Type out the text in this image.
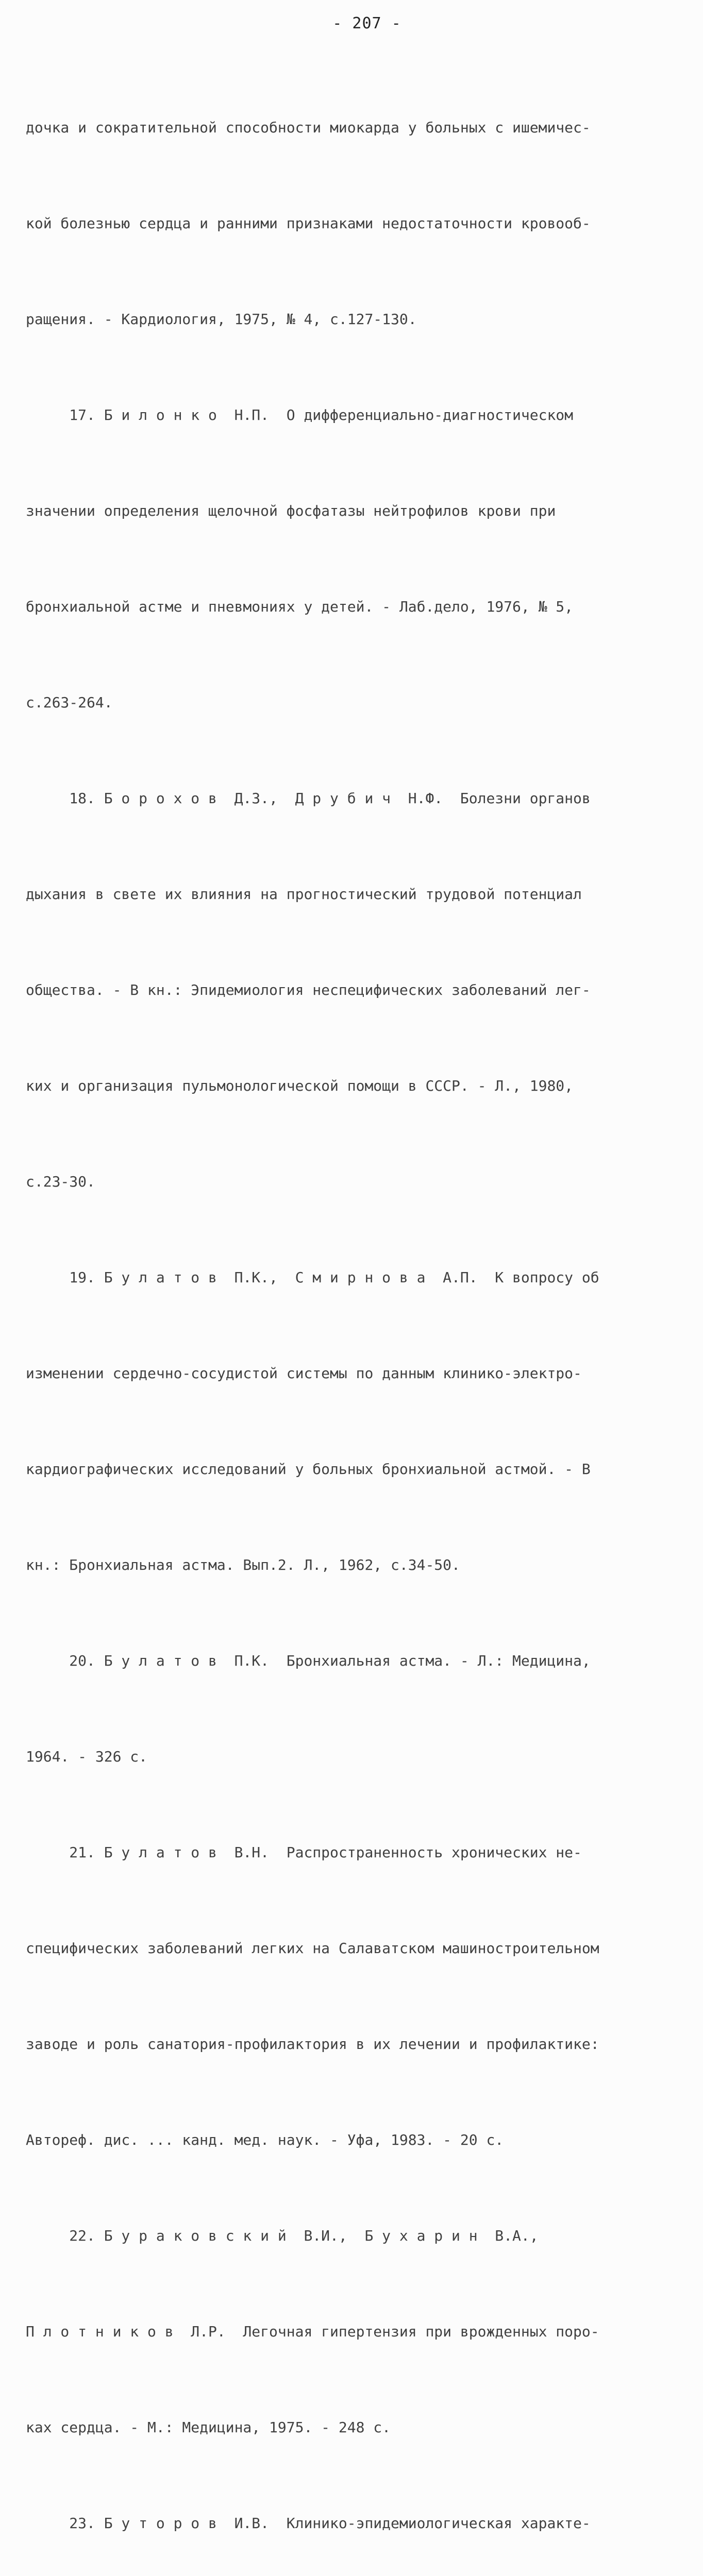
- 207 -

дочка и сократительной способности миокарда у больных с ишемичес-

кой болезнью сердца и ранними признаками недостаточности кровооб-

ращения. - Кардиология, 1975, № 4, с.127-130.

17. Б и л о н к о  Н.П.  О дифференциально-диагностическом

значении определения щелочной фосфатазы нейтрофилов крови при

бронхиальной астме и пневмониях у детей. - Лаб.дело, 1976, № 5,

с.263-264.

18. Б о р о х о в  Д.З.,  Д р у б и ч  Н.Ф.  Болезни органов

дыхания в свете их влияния на прогностический трудовой потенциал

общества. - В кн.: Эпидемиология неспецифических заболеваний лег-

ких и организация пульмонологической помощи в СССР. - Л., 1980,

с.23-30.

19. Б у л а т о в  П.К.,  С м и р н о в а  А.П.  К вопросу об

изменении сердечно-сосудистой системы по данным клинико-электро-

кардиографических исследований у больных бронхиальной астмой. - В

кн.: Бронхиальная астма. Вып.2. Л., 1962, с.34-50.

20. Б у л а т о в  П.К.  Бронхиальная астма. - Л.: Медицина,

1964. - 326 с.

21. Б у л а т о в  В.Н.  Распространенность хронических не-

специфических заболеваний легких на Салаватском машиностроительном

заводе и роль санатория-профилактория в их лечении и профилактике:

Автореф. дис. ... канд. мед. наук. - Уфа, 1983. - 20 с.

22. Б у р а к о в с к и й  В.И.,  Б у х а р и н  В.А.,

П л о т н и к о в  Л.Р.  Легочная гипертензия при врожденных поро-

ках сердца. - М.: Медицина, 1975. - 248 с.

23. Б у т о р о в  И.В.  Клинико-эпидемиологическая характе-
